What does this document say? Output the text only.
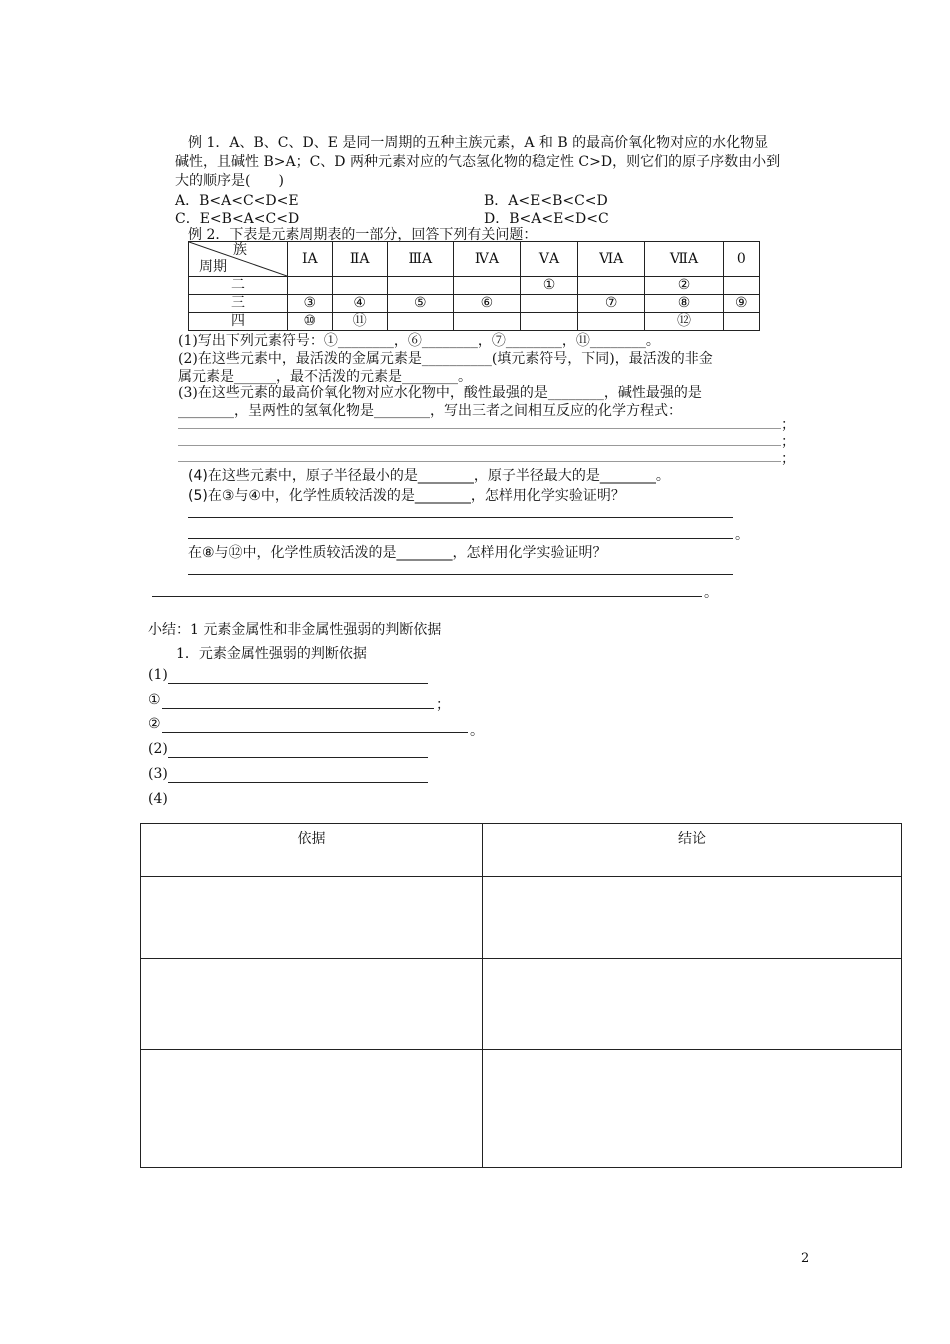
例 1．A、B、C、D、E 是同一周期的五种主族元素，A 和 B 的最高价氧化物对应的水化物显
碱性，且碱性 B>A；C、D 两种元素对应的气态氢化物的稳定性 C>D，则它们的原子序数由小到
大的顺序是(　　)
A．B<A<C<D<E	B．A<E<B<C<D
C．E<B<A<C<D	D．B<A<E<D<C
例 2．下表是元素周期表的一部分，回答下列有关问题：
族
周期	ⅠA	ⅡA	ⅢA	ⅣA	ⅤA	ⅥA	ⅦA	0
二					①		②	
三	③	④	⑤	⑥		⑦	⑧	⑨
四	⑩	⑪					⑫	
(1)写出下列元素符号：①________，⑥________，⑦________，⑪________。
(2)在这些元素中，最活泼的金属元素是__________(填元素符号，下同)，最活泼的非金
属元素是______，最不活泼的元素是________。
(3)在这些元素的最高价氧化物对应水化物中，酸性最强的是________，碱性最强的是
________，呈两性的氢氧化物是________，写出三者之间相互反应的化学方程式：
；
；
；
(4)在这些元素中，原子半径最小的是________，原子半径最大的是________。
(5)在③与④中，化学性质较活泼的是________，怎样用化学实验证明？
。
在⑧与⑫中，化学性质较活泼的是________，怎样用化学实验证明？
。
小结：1 元素金属性和非金属性强弱的判断依据
1．元素金属性强弱的判断依据
(1)
①	；
②	。
(2)
(3)
(4)
依据	结论

2
